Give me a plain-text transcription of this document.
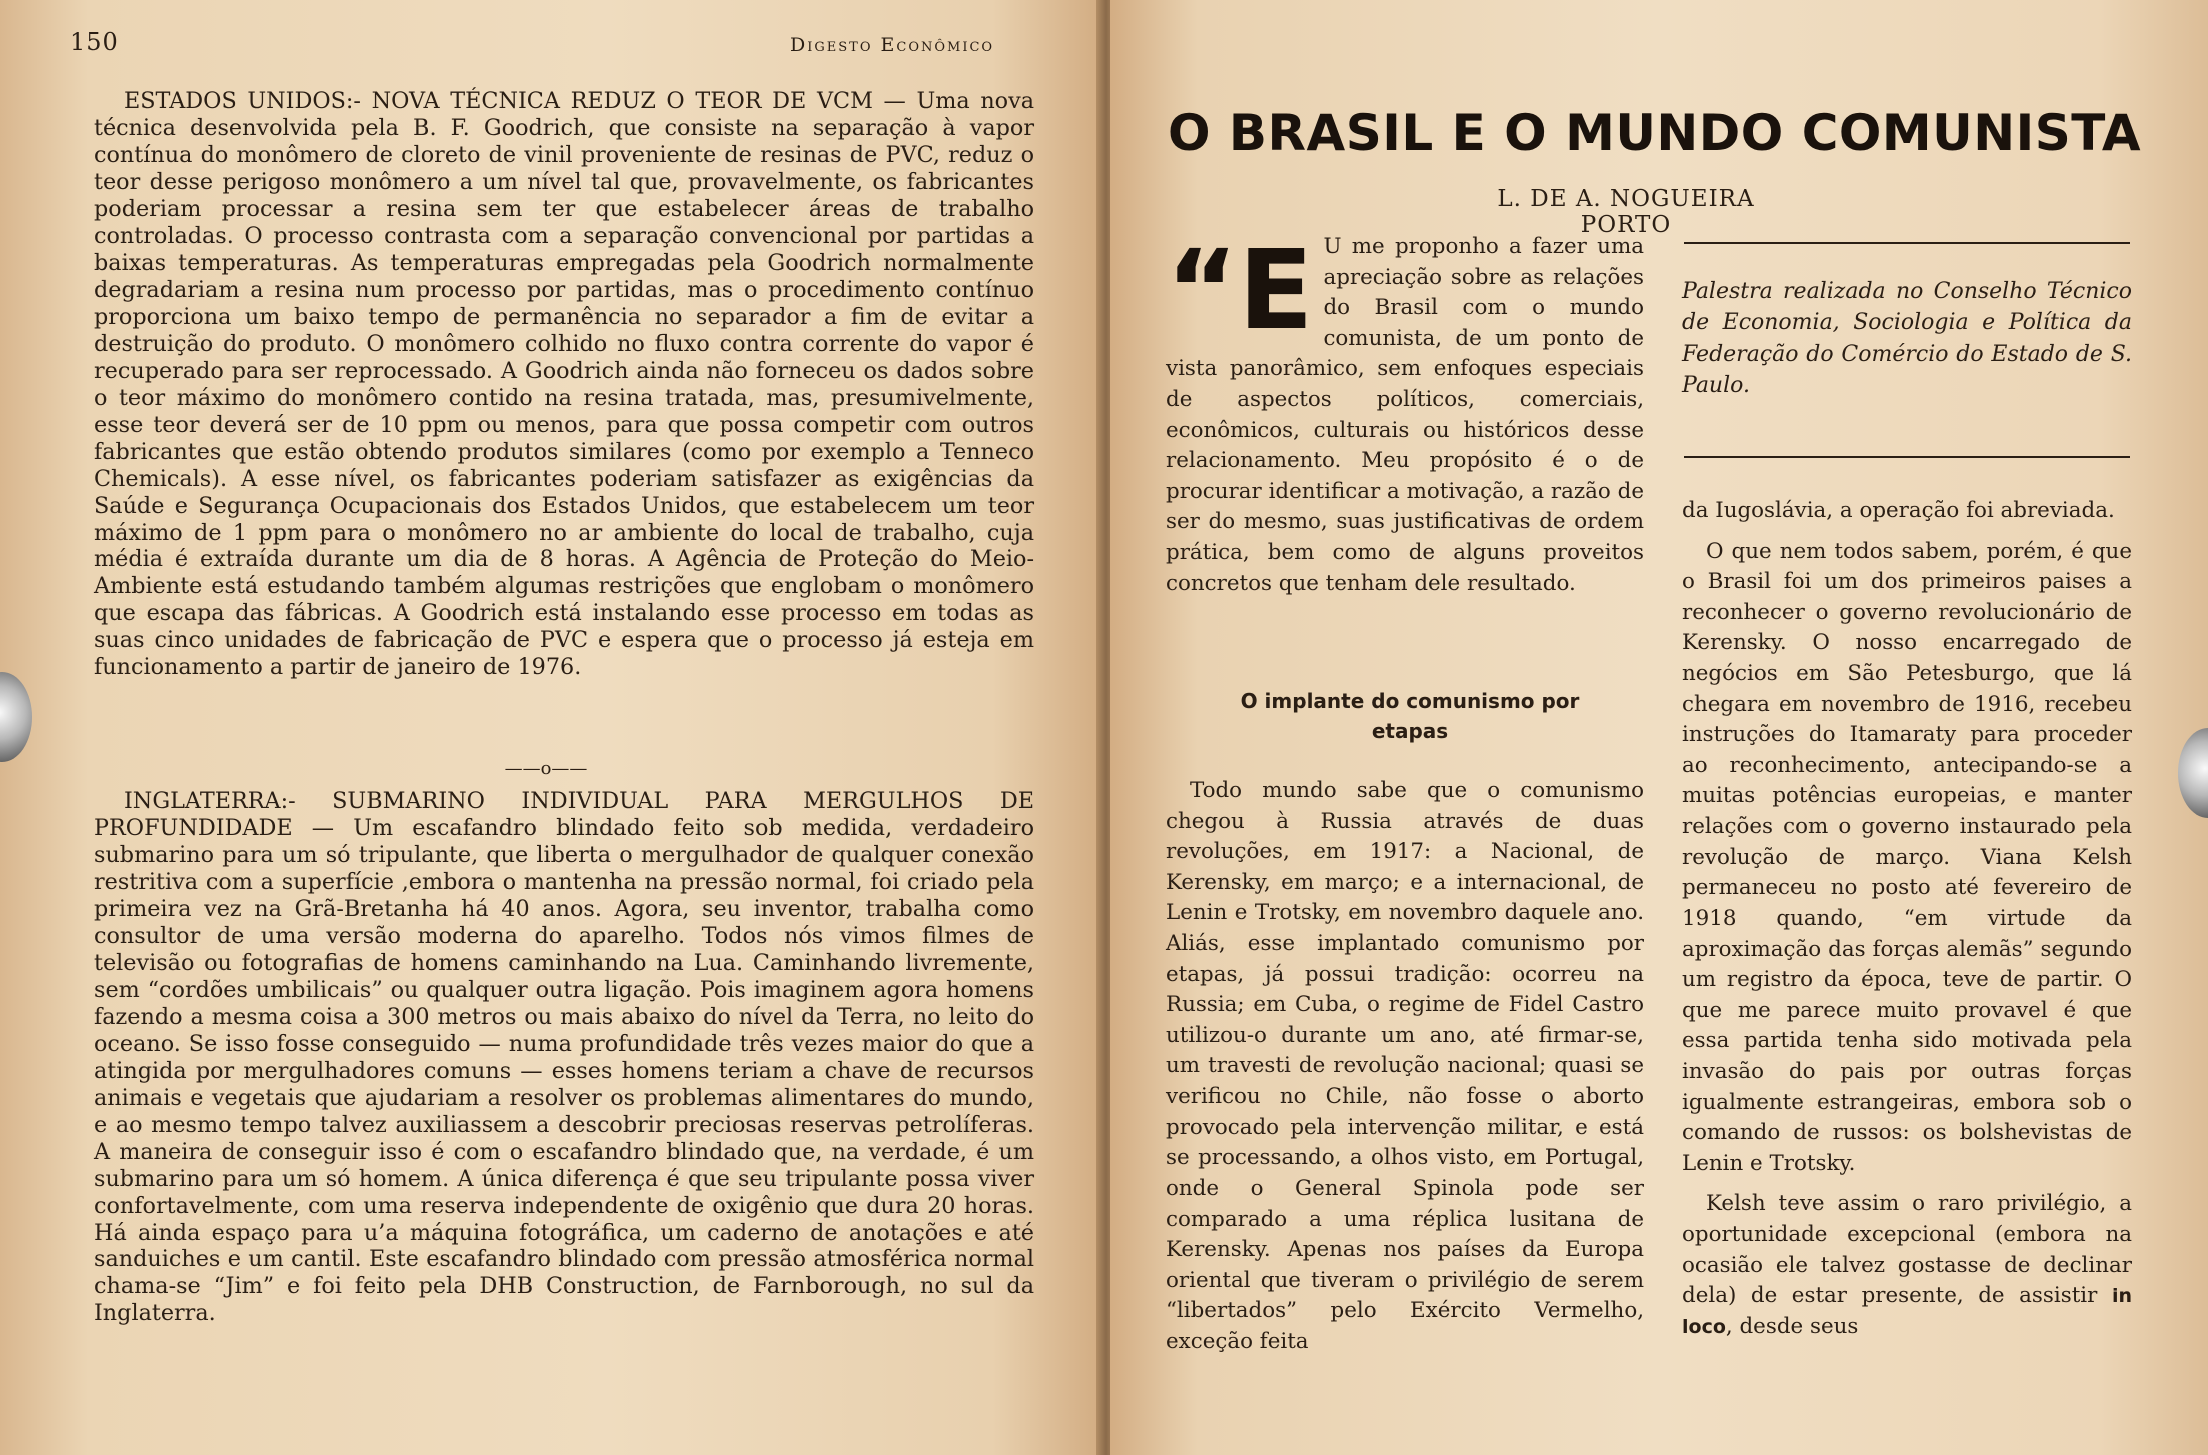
150	Digesto Econômico

ESTADOS UNIDOS:- NOVA TÉCNICA REDUZ O TEOR DE VCM — Uma nova técnica desenvolvida pela B. F. Goodrich, que consiste na separação à vapor contínua do monômero de cloreto de vinil proveniente de resinas de PVC, reduz o teor desse perigoso monômero a um nível tal que, provavelmente, os fabricantes poderiam processar a resina sem ter que estabelecer áreas de trabalho controladas. O processo contrasta com a separação convencional por partidas a baixas temperaturas. As temperaturas empregadas pela Goodrich normalmente degradariam a resina num processo por partidas, mas o procedimento contínuo proporciona um baixo tempo de permanência no separador a fim de evitar a destruição do produto. O monômero colhido no fluxo contra corrente do vapor é recuperado para ser reprocessado. A Goodrich ainda não forneceu os dados sobre o teor máximo do monômero contido na resina tratada, mas, presumivelmente, esse teor deverá ser de 10 ppm ou menos, para que possa competir com outros fabricantes que estão obtendo produtos similares (como por exemplo a Tenneco Chemicals). A esse nível, os fabricantes poderiam satisfazer as exigências da Saúde e Segurança Ocupacionais dos Estados Unidos, que estabelecem um teor máximo de 1 ppm para o monômero no ar ambiente do local de trabalho, cuja média é extraída durante um dia de 8 horas. A Agência de Proteção do Meio-Ambiente está estudando também algumas restrições que englobam o monômero que escapa das fábricas. A Goodrich está instalando esse processo em todas as suas cinco unidades de fabricação de PVC e espera que o processo já esteja em funcionamento a partir de janeiro de 1976.

——o——

INGLATERRA:- SUBMARINO INDIVIDUAL PARA MERGULHOS DE PROFUNDIDADE — Um escafandro blindado feito sob medida, verdadeiro submarino para um só tripulante, que liberta o mergulhador de qualquer conexão restritiva com a superfície ,embora o mantenha na pressão normal, foi criado pela primeira vez na Grã-Bretanha há 40 anos. Agora, seu inventor, trabalha como consultor de uma versão moderna do aparelho. Todos nós vimos filmes de televisão ou fotografias de homens caminhando na Lua. Caminhando livremente, sem “cordões umbilicais” ou qualquer outra ligação. Pois imaginem agora homens fazendo a mesma coisa a 300 metros ou mais abaixo do nível da Terra, no leito do oceano. Se isso fosse conseguido — numa profundidade três vezes maior do que a atingida por mergulhadores comuns — esses homens teriam a chave de recursos animais e vegetais que ajudariam a resolver os problemas alimentares do mundo, e ao mesmo tempo talvez auxiliassem a descobrir preciosas reservas petrolíferas. A maneira de conseguir isso é com o escafandro blindado que, na verdade, é um submarino para um só homem. A única diferença é que seu tripulante possa viver confortavelmente, com uma reserva independente de oxigênio que dura 20 horas. Há ainda espaço para u’a máquina fotográfica, um caderno de anotações e até sanduiches e um cantil. Este escafandro blindado com pressão atmosférica normal chama-se “Jim” e foi feito pela DHB Construction, de Farnborough, no sul da Inglaterra.

O BRASIL E O MUNDO COMUNISTA
L. DE A. NOGUEIRA PORTO

“E U me proponho a fazer uma apreciação sobre as relações do Brasil com o mundo comunista, de um ponto de vista panorâmico, sem enfoques especiais de aspectos políticos, comerciais, econômicos, culturais ou históricos desse relacionamento. Meu propósito é o de procurar identificar a motivação, a razão de ser do mesmo, suas justificativas de ordem prática, bem como de alguns proveitos concretos que tenham dele resultado.

O implante do comunismo por etapas

Todo mundo sabe que o comunismo chegou à Russia através de duas revoluções, em 1917: a Nacional, de Kerensky, em março; e a internacional, de Lenin e Trotsky, em novembro daquele ano. Aliás, esse implantado comunismo por etapas, já possui tradição: ocorreu na Russia; em Cuba, o regime de Fidel Castro utilizou-o durante um ano, até firmar-se, um travesti de revolução nacional; quasi se verificou no Chile, não fosse o aborto provocado pela intervenção militar, e está se processando, a olhos visto, em Portugal, onde o General Spinola pode ser comparado a uma réplica lusitana de Kerensky. Apenas nos países da Europa oriental que tiveram o privilégio de serem “libertados” pelo Exército Vermelho, exceção feita

Palestra realizada no Conselho Técnico de Economia, Sociologia e Política da Federação do Comércio do Estado de S. Paulo.

da Iugoslávia, a operação foi abreviada.

O que nem todos sabem, porém, é que o Brasil foi um dos primeiros paises a reconhecer o governo revolucionário de Kerensky. O nosso encarregado de negócios em São Petesburgo, que lá chegara em novembro de 1916, recebeu instruções do Itamaraty para proceder ao reconhecimento, antecipando-se a muitas potências europeias, e manter relações com o governo instaurado pela revolução de março. Viana Kelsh permaneceu no posto até fevereiro de 1918 quando, “em virtude da aproximação das forças alemãs” segundo um registro da época, teve de partir. O que me parece muito provavel é que essa partida tenha sido motivada pela invasão do pais por outras forças igualmente estrangeiras, embora sob o comando de russos: os bolshevistas de Lenin e Trotsky.

Kelsh teve assim o raro privilégio, a oportunidade excepcional (embora na ocasião ele talvez gostasse de declinar dela) de estar presente, de assistir in loco, desde seus
